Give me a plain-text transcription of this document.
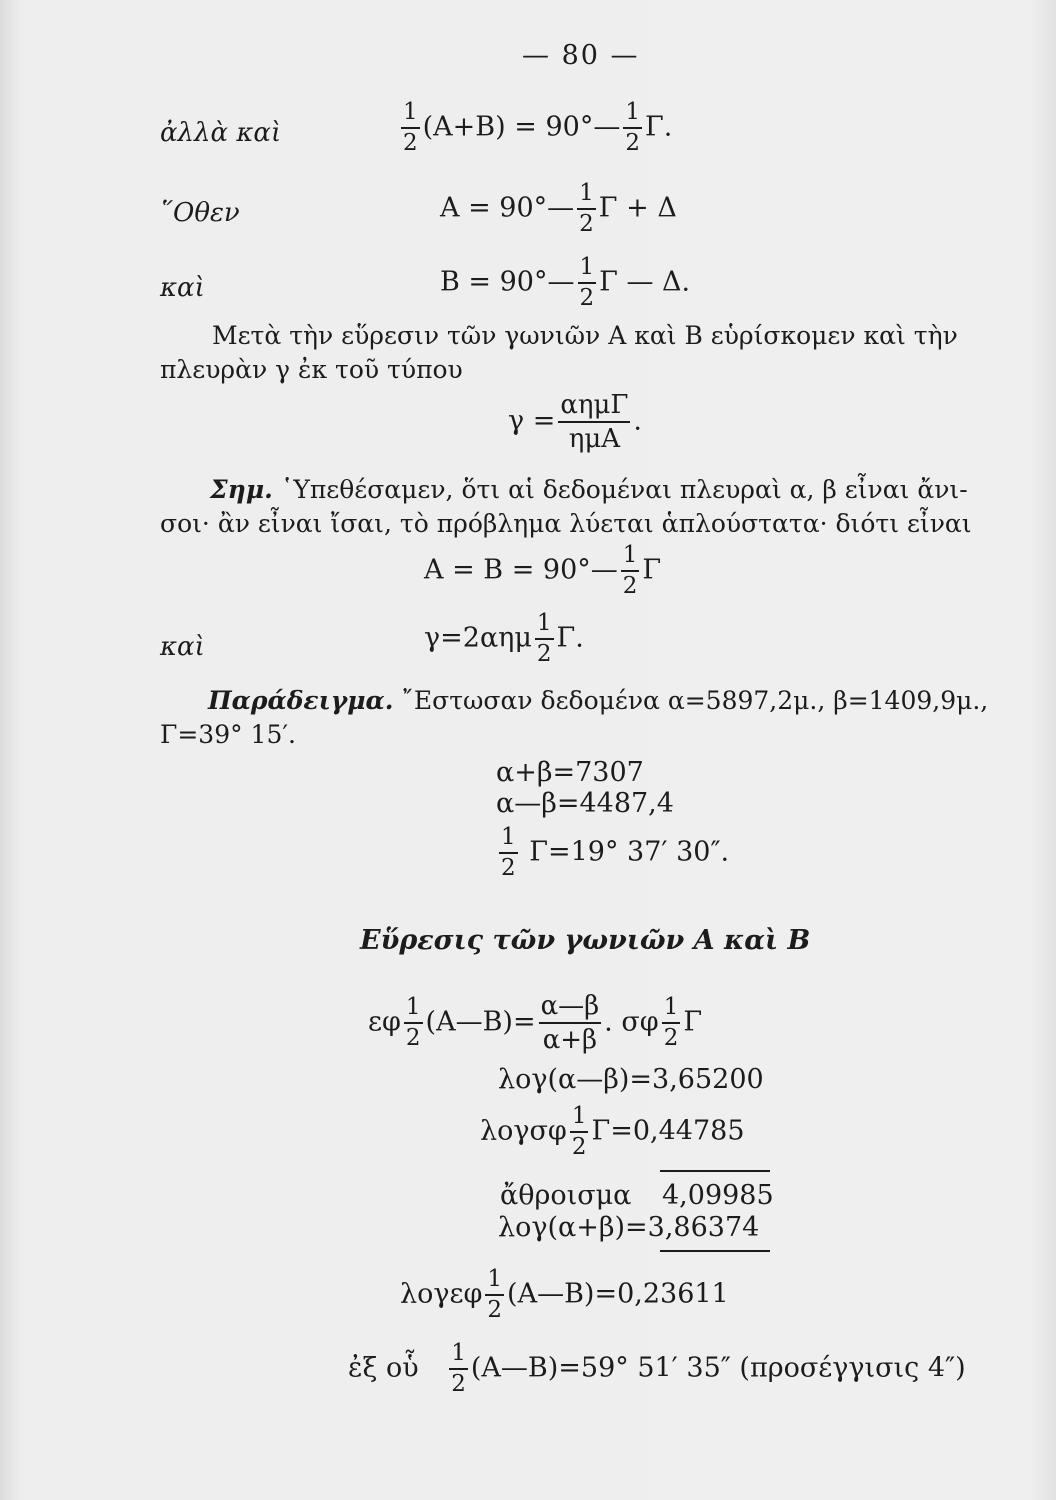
— 80 —
ἀλλὰ καὶ	$\frac{1}{2} (A+B)$ = 90°— $\frac{1}{2} \Gamma$.
῞Οθεν	Α = 90°— $\frac{1}{2}$ Γ + Δ
καὶ	Β = 90°— $\frac{1}{2}$ Γ — Δ.
Μετὰ τὴν εὕρεσιν τῶν γωνιῶν Α καὶ Β εὑρίσκομεν καὶ τὴν
πλευρὰν γ ἐκ τοῦ τύπου
$\gamma = \frac{\text{αημΓ}}{\text{ημΑ}}$ .
Σημ. ῾Υπεθέσαμεν, ὅτι αἱ δεδομέναι πλευραὶ α, β εἶναι ἄνι-
σοι· ἂν εἶναι ἴσαι, τὸ πρόβλημα λύεται ἁπλούστατα· διότι εἶναι
Α = Β = 90°— $\frac{1}{2}$ Γ
καὶ	$\gamma=2\alpha\eta\mu \frac{1}{2} \Gamma$.
Παράδειγμα. ῎Εστωσαν δεδομένα α=5897,2μ., β=1409,9μ.,
Γ=39° 15′.
α+β=7307
α—β=4487,4
$\frac{1}{2} \Gamma=19^\circ$ 37′ 30″.
Εὕρεσις τῶν γωνιῶν Α καὶ Β
εφ $\frac{1}{2}$ (Α—Β)= $\frac{\alpha—\beta}{\alpha+\beta}$ . σφ $\frac{1}{2}$ Γ
λογ(α—β)=3,65200
λογσφ $\frac{1}{2} \Gamma=0,44785$
ἄθροισμα 4,09985
λογ(α+β)=3,86374
λογεφ $\frac{1}{2}$ (Α—Β)=0,23611
ἐξ οὗ $\frac{1}{2}$ (Α—Β)=59° 51′ 35″ (προσέγγισις 4″)
